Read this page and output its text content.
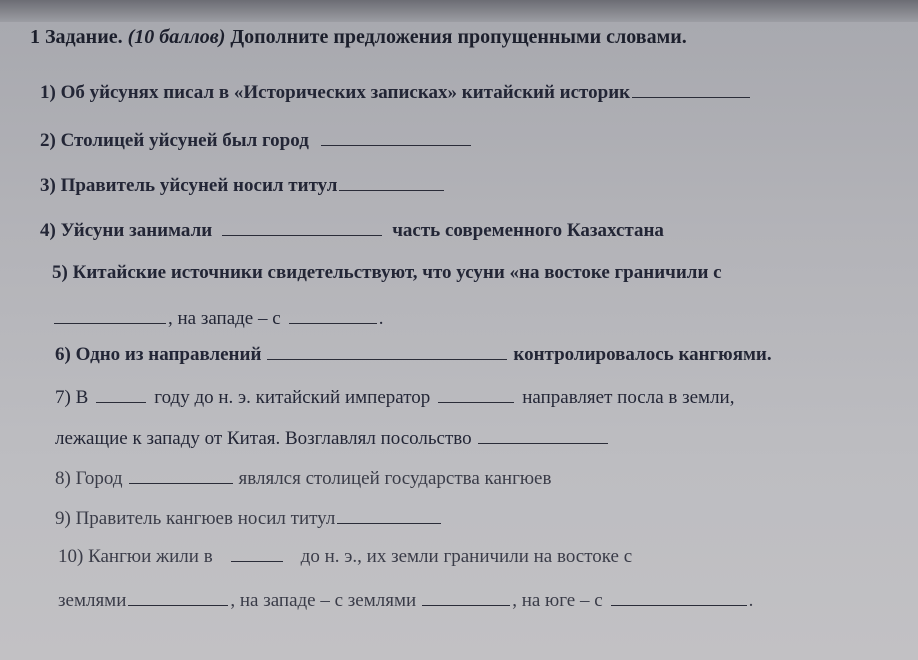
1 Задание. (10 баллов) Дополните предложения пропущенными словами.
1) Об уйсунях писал в «Исторических записках» китайский историк
2) Столицей уйсуней был город
3) Правитель уйсуней носил титул
4) Уйсуни занимали	часть современного Казахстана
5) Китайские источники свидетельствуют, что усуни «на востоке граничили с
, на западе – с	.
6) Одно из направлений	контролировалось кангюями.
7) В	году до н. э. китайский император	направляет посла в земли,
лежащие к западу от Китая. Возглавлял посольство
8) Город	являлся столицей государства кангюев
9) Правитель кангюев носил титул
10) Кангюи жили в	до н. э., их земли граничили на востоке с
землями	, на западе – с землями	, на юге – с	.
